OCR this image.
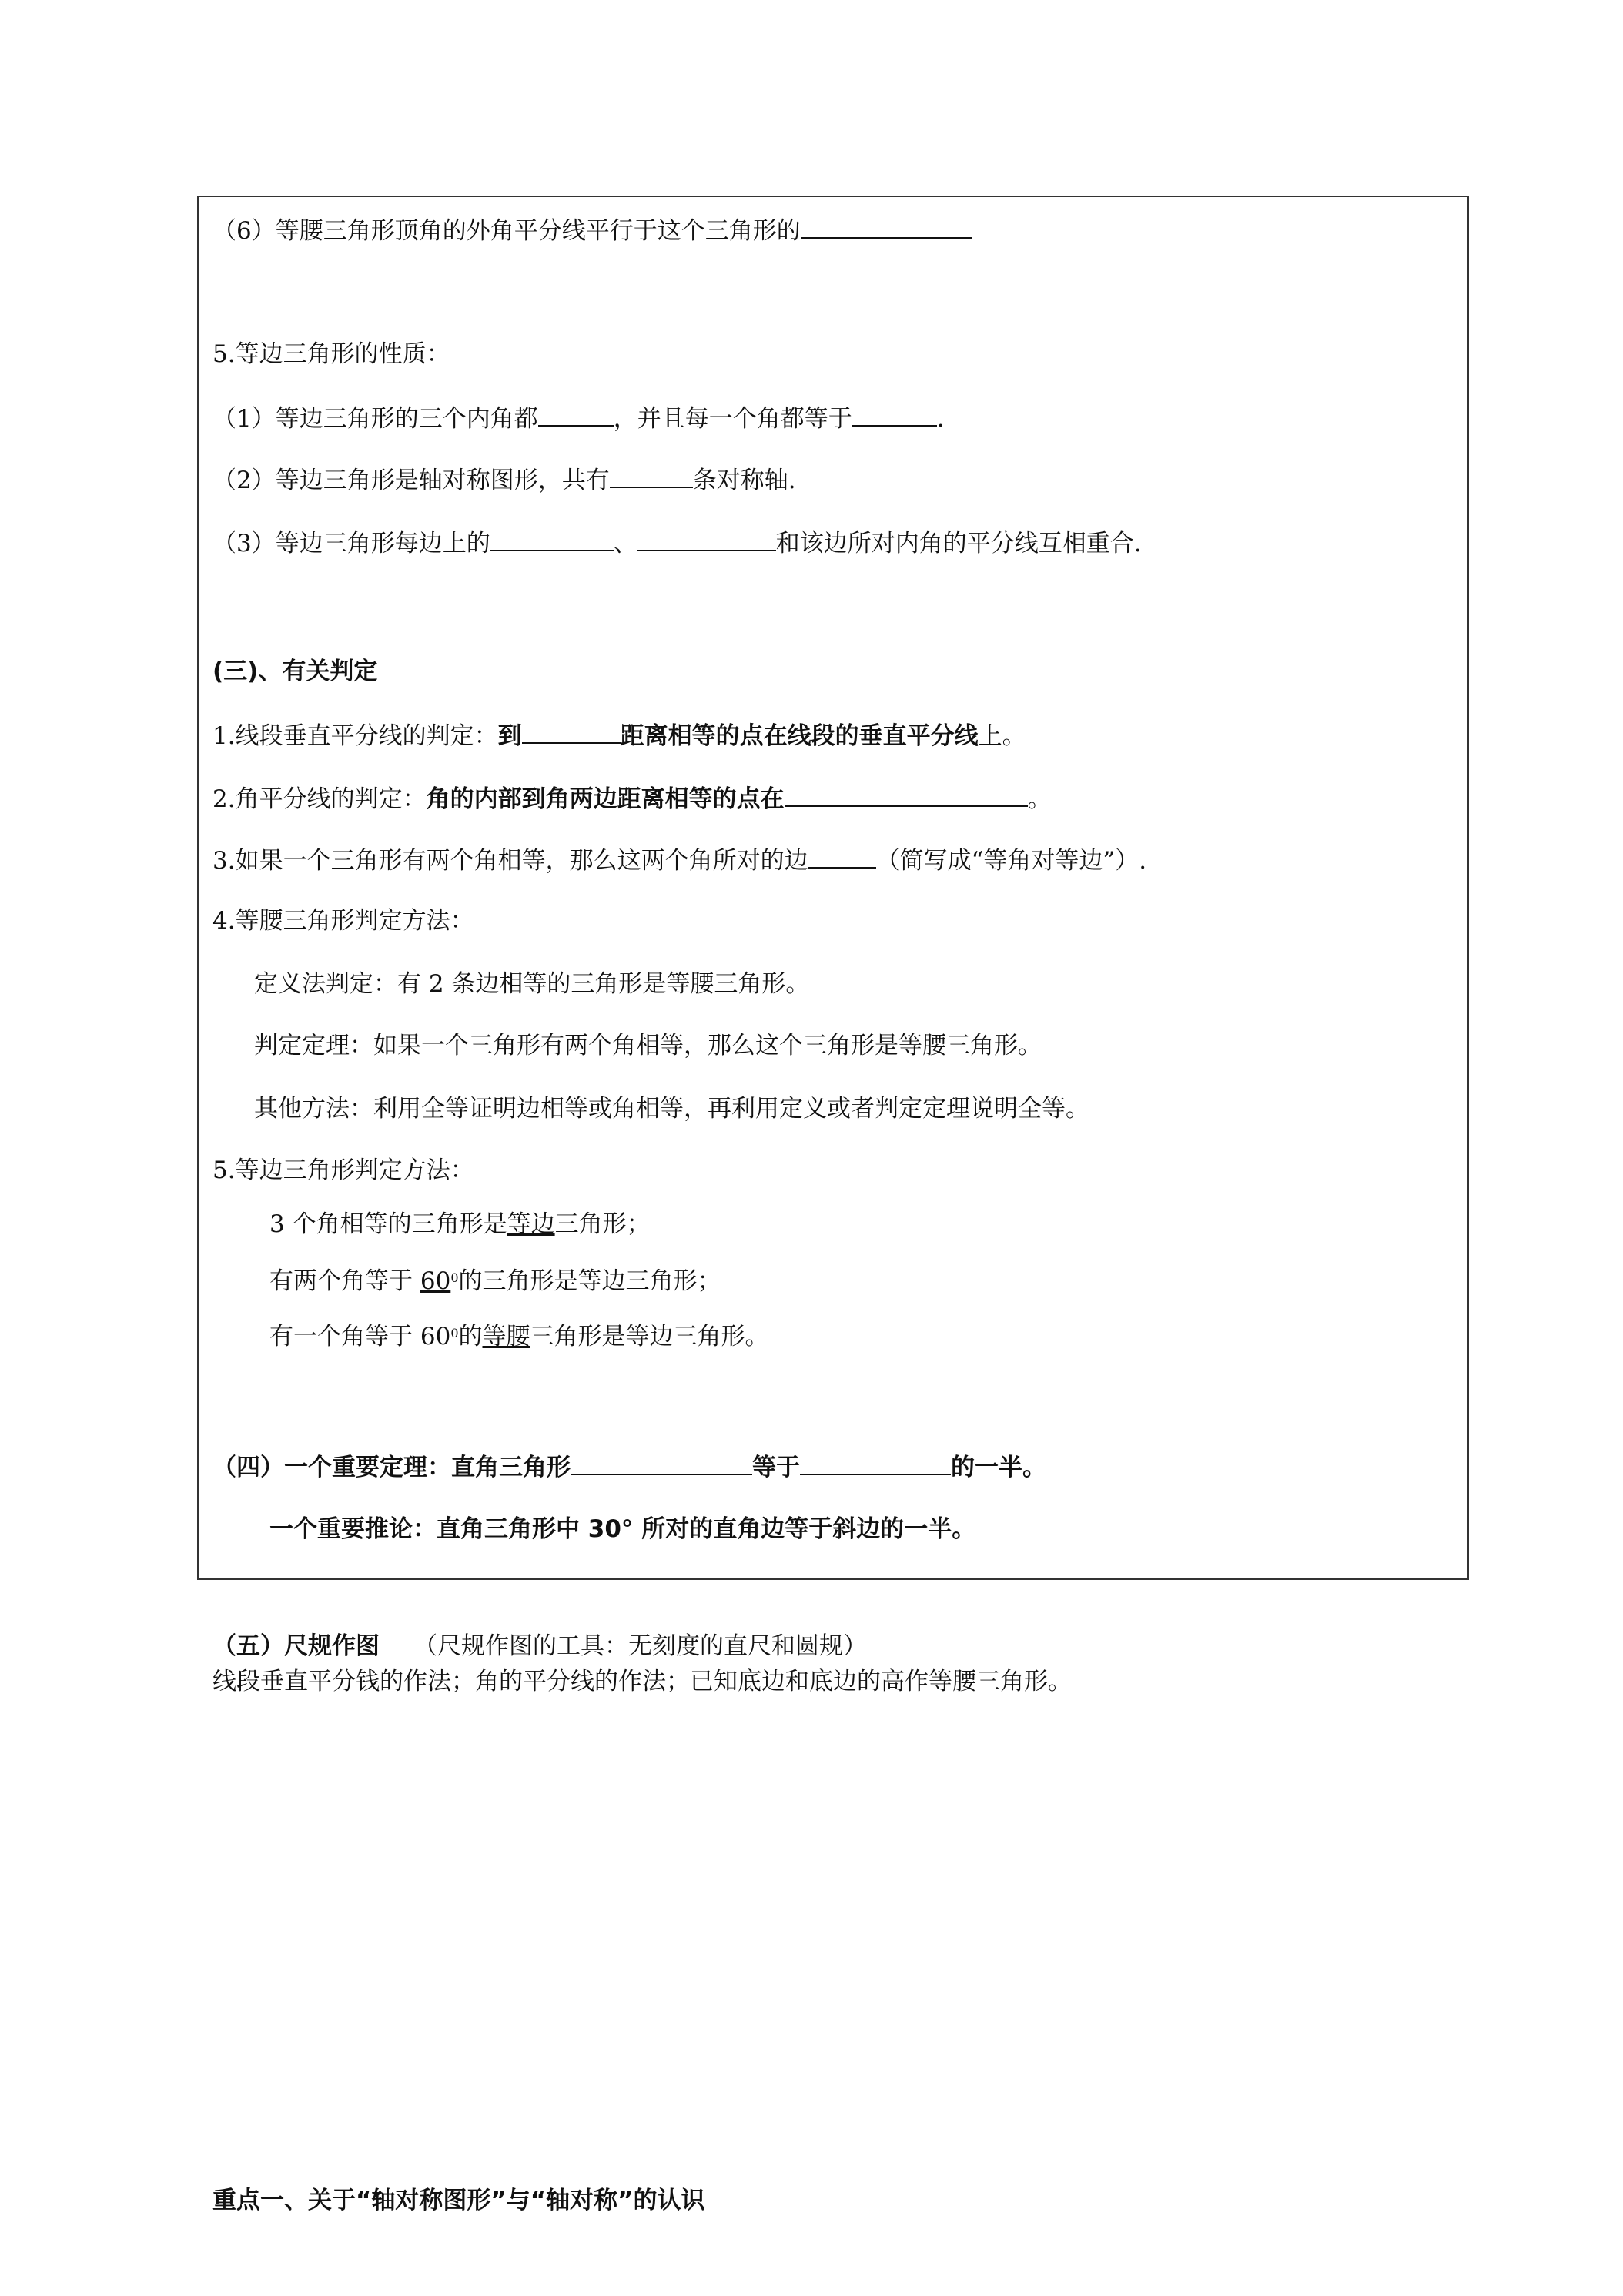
（6）等腰三角形顶角的外角平分线平行于这个三角形的
5.等边三角形的性质：
（1）等边三角形的三个内角都	，并且每一个角都等于	.
（2）等边三角形是轴对称图形，共有	条对称轴.
（3）等边三角形每边上的	、	和该边所对内角的平分线互相重合.
(三)、有关判定
1.线段垂直平分线的判定：到	距离相等的点在线段的垂直平分线上。
2.角平分线的判定：角的内部到角两边距离相等的点在	。
3.如果一个三角形有两个角相等，那么这两个角所对的边	（简写成“等角对等边”）.
4.等腰三角形判定方法：
定义法判定：有 2 条边相等的三角形是等腰三角形。
判定定理：如果一个三角形有两个角相等，那么这个三角形是等腰三角形。
其他方法：利用全等证明边相等或角相等，再利用定义或者判定定理说明全等。
5.等边三角形判定方法：
3 个角相等的三角形是等边三角形；
有两个角等于 $60^0$的三角形是等边三角形；
有一个角等于 $60^0$的等腰三角形是等边三角形。
（四）一个重要定理：直角三角形	等于	的一半。
一个重要推论：直角三角形中 30° 所对的直角边等于斜边的一半。
（五）尺规作图 （尺规作图的工具：无刻度的直尺和圆规）
线段垂直平分钱的作法；角的平分线的作法；已知底边和底边的高作等腰三角形。
重点一、关于“轴对称图形”与“轴对称”的认识
